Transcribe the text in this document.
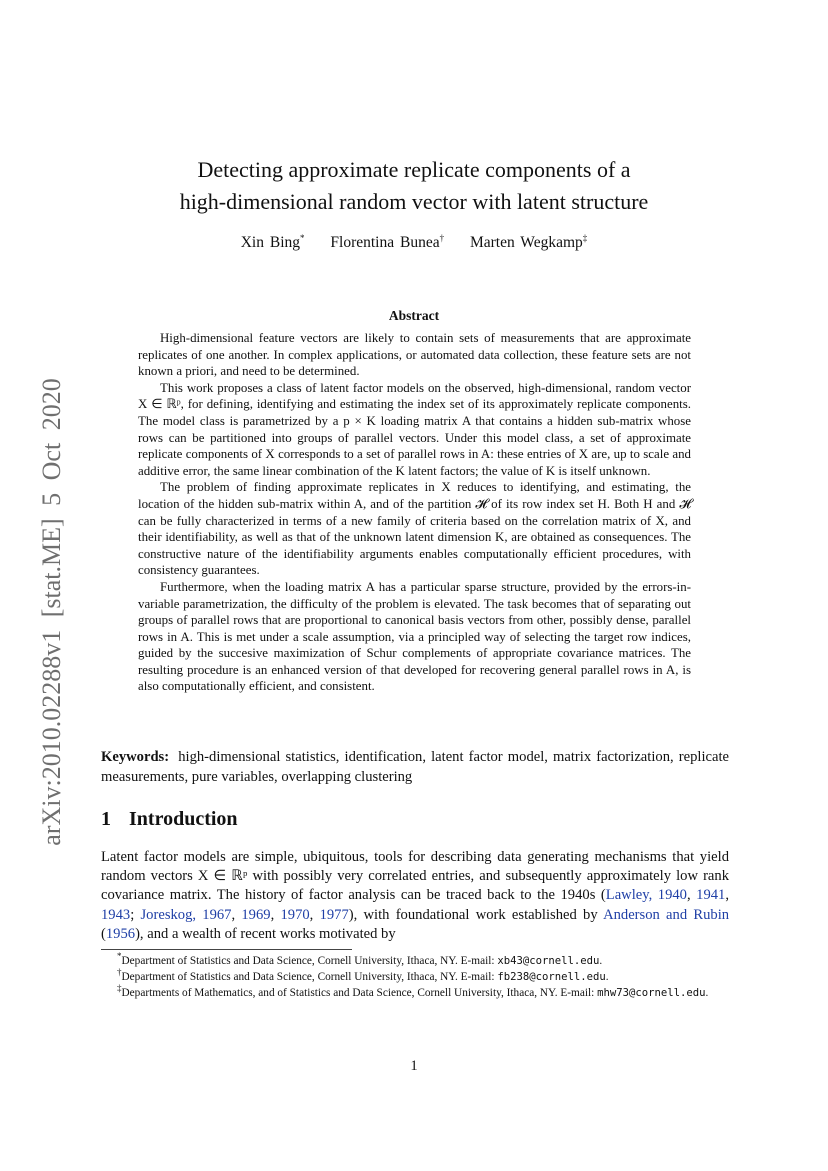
arXiv:2010.02288v1 [stat.ME] 5 Oct 2020
Detecting approximate replicate components of a
high-dimensional random vector with latent structure
Xin Bing* Florentina Bunea† Marten Wegkamp‡
Abstract

High-dimensional feature vectors are likely to contain sets of measurements that are approximate replicates of one another. In complex applications, or automated data collection, these feature sets are not known a priori, and need to be determined.

This work proposes a class of latent factor models on the observed, high-dimensional, random vector X ∈ ℝᵖ, for defining, identifying and estimating the index set of its approximately replicate components. The model class is parametrized by a p × K loading matrix A that contains a hidden sub-matrix whose rows can be partitioned into groups of parallel vectors. Under this model class, a set of approximate replicate components of X corresponds to a set of parallel rows in A: these entries of X are, up to scale and additive error, the same linear combination of the K latent factors; the value of K is itself unknown.

The problem of finding approximate replicates in X reduces to identifying, and estimating, the location of the hidden sub-matrix within A, and of the partition 𝓗 of its row index set H. Both H and 𝓗 can be fully characterized in terms of a new family of criteria based on the correlation matrix of X, and their identifiability, as well as that of the unknown latent dimension K, are obtained as consequences. The constructive nature of the identifiability arguments enables computationally efficient procedures, with consistency guarantees.

Furthermore, when the loading matrix A has a particular sparse structure, provided by the errors-in-variable parametrization, the difficulty of the problem is elevated. The task becomes that of separating out groups of parallel rows that are proportional to canonical basis vectors from other, possibly dense, parallel rows in A. This is met under a scale assumption, via a principled way of selecting the target row indices, guided by the succesive maximization of Schur complements of appropriate covariance matrices. The resulting procedure is an enhanced version of that developed for recovering general parallel rows in A, is also computationally efficient, and consistent.

Keywords: high-dimensional statistics, identification, latent factor model, matrix factorization, replicate measurements, pure variables, overlapping clustering
1 Introduction
Latent factor models are simple, ubiquitous, tools for describing data generating mechanisms that yield random vectors X ∈ ℝᵖ with possibly very correlated entries, and subsequently approximately low rank covariance matrix. The history of factor analysis can be traced back to the 1940s (Lawley, 1940, 1941, 1943; Joreskog, 1967, 1969, 1970, 1977), with foundational work established by Anderson and Rubin (1956), and a wealth of recent works motivated by

*Department of Statistics and Data Science, Cornell University, Ithaca, NY. E-mail: xb43@cornell.edu.

†Department of Statistics and Data Science, Cornell University, Ithaca, NY. E-mail: fb238@cornell.edu.

‡Departments of Mathematics, and of Statistics and Data Science, Cornell University, Ithaca, NY. E-mail: mhw73@cornell.edu.

1
